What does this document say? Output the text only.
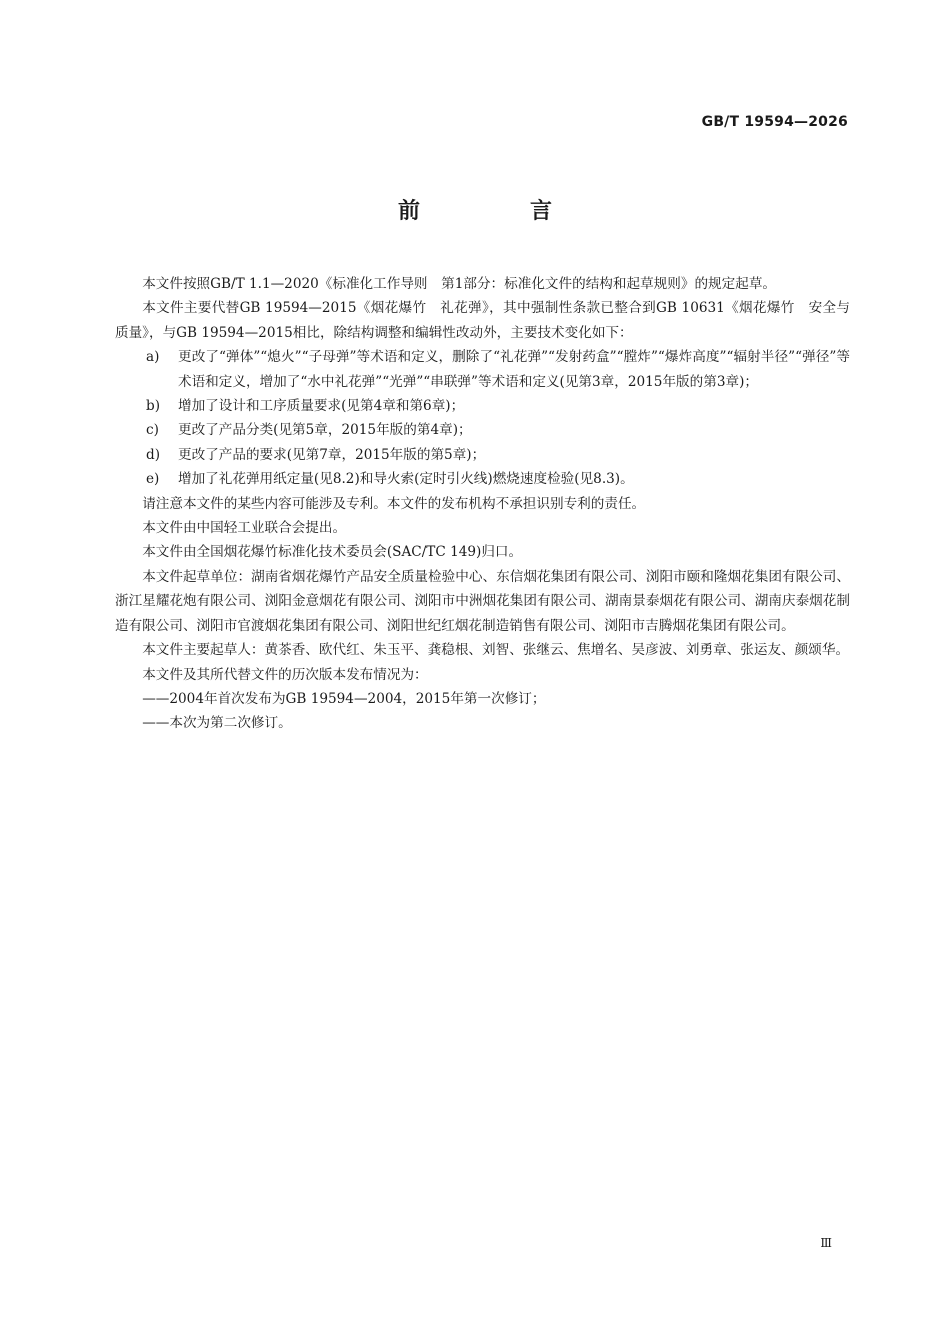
GB/T 19594—2026
前　言

本文件按照GB/T 1.1—2020《标准化工作导则　第1部分：标准化文件的结构和起草规则》的规定起草。

本文件主要代替GB 19594—2015《烟花爆竹　礼花弹》，其中强制性条款已整合到GB 10631《烟花爆竹　安全与质量》，与GB 19594—2015相比，除结构调整和编辑性改动外，主要技术变化如下：

a) 更改了“弹体”“熄火”“子母弹”等术语和定义，删除了“礼花弹”“发射药盒”“膛炸”“爆炸高度”“辐射半径”“弹径”等术语和定义，增加了“水中礼花弹”“光弹”“串联弹”等术语和定义(见第3章，2015年版的第3章)；

b) 增加了设计和工序质量要求(见第4章和第6章)；

c) 更改了产品分类(见第5章，2015年版的第4章)；

d) 更改了产品的要求(见第7章，2015年版的第5章)；

e) 增加了礼花弹用纸定量(见8.2)和导火索(定时引火线)燃烧速度检验(见8.3)。

请注意本文件的某些内容可能涉及专利。本文件的发布机构不承担识别专利的责任。

本文件由中国轻工业联合会提出。

本文件由全国烟花爆竹标准化技术委员会(SAC/TC 149)归口。

本文件起草单位：湖南省烟花爆竹产品安全质量检验中心、东信烟花集团有限公司、浏阳市颐和隆烟花集团有限公司、浙江星耀花炮有限公司、浏阳金意烟花有限公司、浏阳市中洲烟花集团有限公司、湖南景泰烟花有限公司、湖南庆泰烟花制造有限公司、浏阳市官渡烟花集团有限公司、浏阳世纪红烟花制造销售有限公司、浏阳市吉腾烟花集团有限公司。

本文件主要起草人：黄茶香、欧代红、朱玉平、龚稳根、刘智、张继云、焦增名、吴彦波、刘勇章、张运友、颜颂华。

本文件及其所代替文件的历次版本发布情况为：

——2004年首次发布为GB 19594—2004，2015年第一次修订；

——本次为第二次修订。

Ⅲ
